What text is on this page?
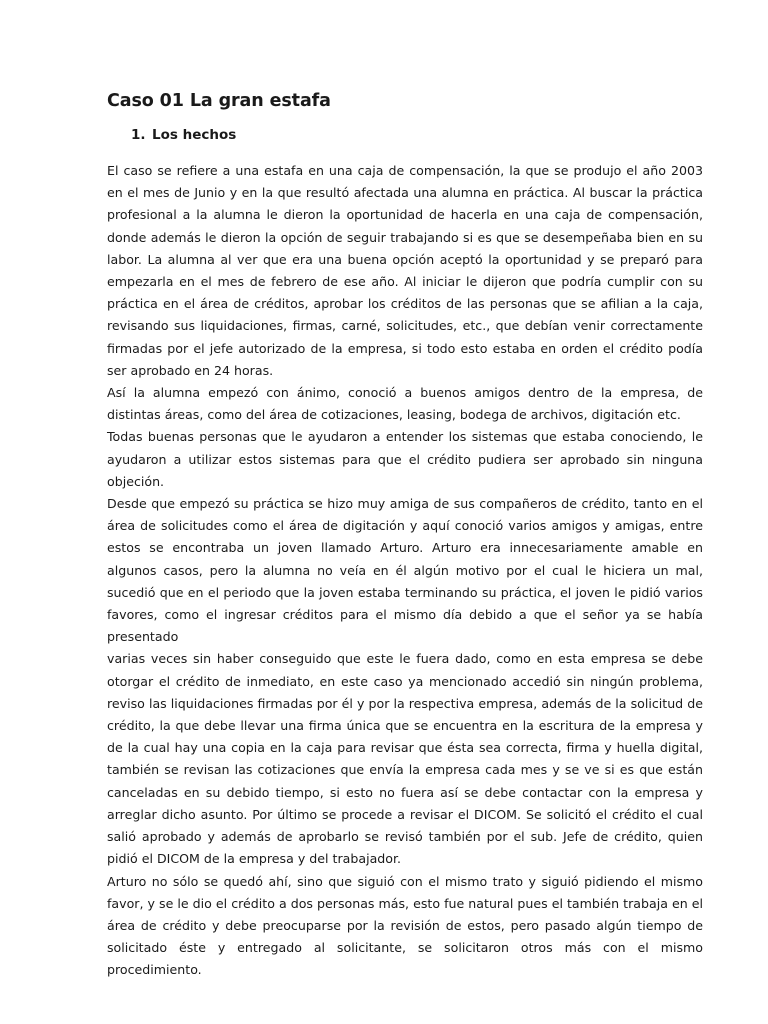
Caso 01 La gran estafa
1. Los hechos

El caso se refiere a una estafa en una caja de compensación, la que se produjo el año 2003 en el mes de Junio y en la que resultó afectada una alumna en práctica. Al buscar la práctica profesional a la alumna le dieron la oportunidad de hacerla en una caja de compensación, donde además le dieron la opción de seguir trabajando si es que se desempeñaba bien en su labor. La alumna al ver que era una buena opción aceptó la oportunidad y se preparó para empezarla en el mes de febrero de ese año. Al iniciar le dijeron que podría cumplir con su práctica en el área de créditos, aprobar los créditos de las personas que se afilian a la caja, revisando sus liquidaciones, firmas, carné, solicitudes, etc., que debían venir correctamente firmadas por el jefe autorizado de la empresa, si todo esto estaba en orden el crédito podía ser aprobado en 24 horas.

Así la alumna empezó con ánimo, conoció a buenos amigos dentro de la empresa, de distintas áreas, como del área de cotizaciones, leasing, bodega de archivos, digitación etc.

Todas buenas personas que le ayudaron a entender los sistemas que estaba conociendo, le ayudaron a utilizar estos sistemas para que el crédito pudiera ser aprobado sin ninguna objeción.

Desde que empezó su práctica se hizo muy amiga de sus compañeros de crédito, tanto en el área de solicitudes como el área de digitación y aquí conoció varios amigos y amigas, entre estos se encontraba un joven llamado Arturo. Arturo era innecesariamente amable en algunos casos, pero la alumna no veía en él algún motivo por el cual le hiciera un mal, sucedió que en el periodo que la joven estaba terminando su práctica, el joven le pidió varios favores, como el ingresar créditos para el mismo día debido a que el señor ya se había presentado

varias veces sin haber conseguido que este le fuera dado, como en esta empresa se debe otorgar el crédito de inmediato, en este caso ya mencionado accedió sin ningún problema, reviso las liquidaciones firmadas por él y por la respectiva empresa, además de la solicitud de crédito, la que debe llevar una firma única que se encuentra en la escritura de la empresa y de la cual hay una copia en la caja para revisar que ésta sea correcta, firma y huella digital, también se revisan las cotizaciones que envía la empresa cada mes y se ve si es que están canceladas en su debido tiempo, si esto no fuera así se debe contactar con la empresa y arreglar dicho asunto. Por último se procede a revisar el DICOM. Se solicitó el crédito el cual salió aprobado y además de aprobarlo se revisó también por el sub. Jefe de crédito, quien pidió el DICOM de la empresa y del trabajador.

Arturo no sólo se quedó ahí, sino que siguió con el mismo trato y siguió pidiendo el mismo favor, y se le dio el crédito a dos personas más, esto fue natural pues el también trabaja en el área de crédito y debe preocuparse por la revisión de estos, pero pasado algún tiempo de solicitado éste y entregado al solicitante, se solicitaron otros más con el mismo procedimiento.
